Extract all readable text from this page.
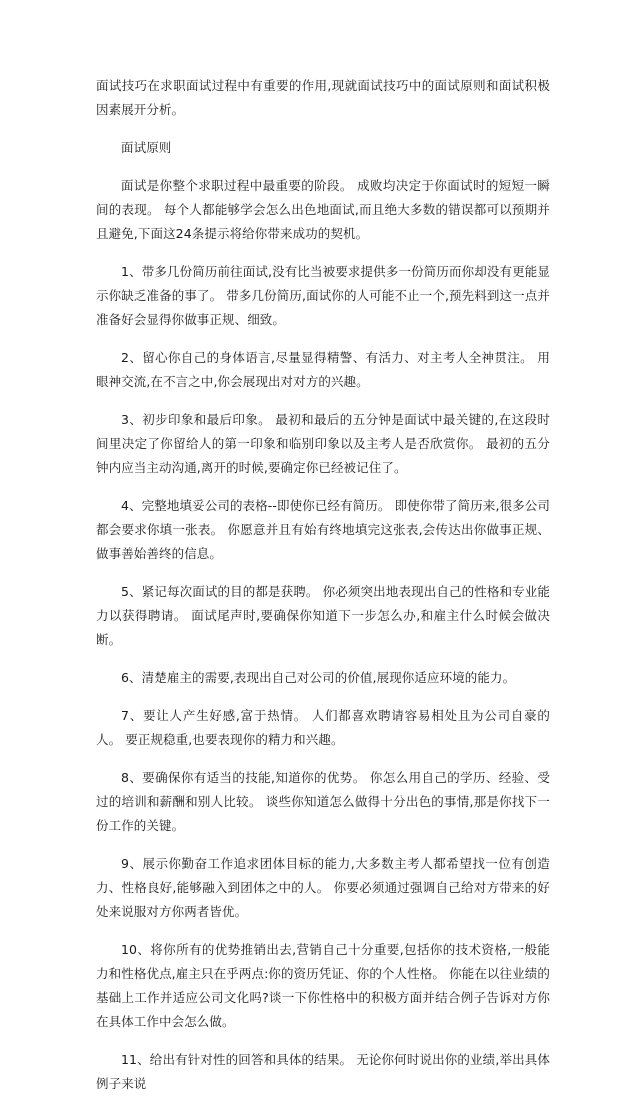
面试技巧在求职面试过程中有重要的作用,现就面试技巧中的面试原则和面试积极因素展开分析。

面试原则

面试是你整个求职过程中最重要的阶段。 成败均决定于你面试时的短短一瞬间的表现。 每个人都能够学会怎么出色地面试,而且绝大多数的错误都可以预期并且避免,下面这24条提示将给你带来成功的契机。

1、带多几份简历前往面试,没有比当被要求提供多一份简历而你却没有更能显示你缺乏准备的事了。 带多几份简历,面试你的人可能不止一个,预先料到这一点并准备好会显得你做事正规、细致。

2、留心你自己的身体语言,尽量显得精警、有活力、对主考人全神贯注。 用眼神交流,在不言之中,你会展现出对对方的兴趣。

3、初步印象和最后印象。 最初和最后的五分钟是面试中最关键的,在这段时间里决定了你留给人的第一印象和临别印象以及主考人是否欣赏你。 最初的五分钟内应当主动沟通,离开的时候,要确定你已经被记住了。

4、完整地填妥公司的表格--即使你已经有简历。 即使你带了简历来,很多公司都会要求你填一张表。 你愿意并且有始有终地填完这张表,会传达出你做事正规、做事善始善终的信息。

5、紧记每次面试的目的都是获聘。 你必须突出地表现出自己的性格和专业能力以获得聘请。 面试尾声时,要确保你知道下一步怎么办,和雇主什么时候会做决断。

6、清楚雇主的需要,表现出自己对公司的价值,展现你适应环境的能力。

7、要让人产生好感,富于热情。 人们都喜欢聘请容易相处且为公司自豪的人。 要正规稳重,也要表现你的精力和兴趣。

8、要确保你有适当的技能,知道你的优势。 你怎么用自己的学历、经验、受过的培训和薪酬和别人比较。 谈些你知道怎么做得十分出色的事情,那是你找下一份工作的关键。

9、展示你勤奋工作追求团体目标的能力,大多数主考人都希望找一位有创造力、性格良好,能够融入到团体之中的人。 你要必须通过强调自己给对方带来的好处来说服对方你两者皆优。

10、将你所有的优势推销出去,营销自己十分重要,包括你的技术资格,一般能力和性格优点,雇主只在乎两点:你的资历凭证、你的个人性格。 你能在以往业绩的基础上工作并适应公司文化吗?谈一下你性格中的积极方面并结合例子告诉对方你在具体工作中会怎么做。

11、给出有针对性的回答和具体的结果。 无论你何时说出你的业绩,举出具体例子来说
